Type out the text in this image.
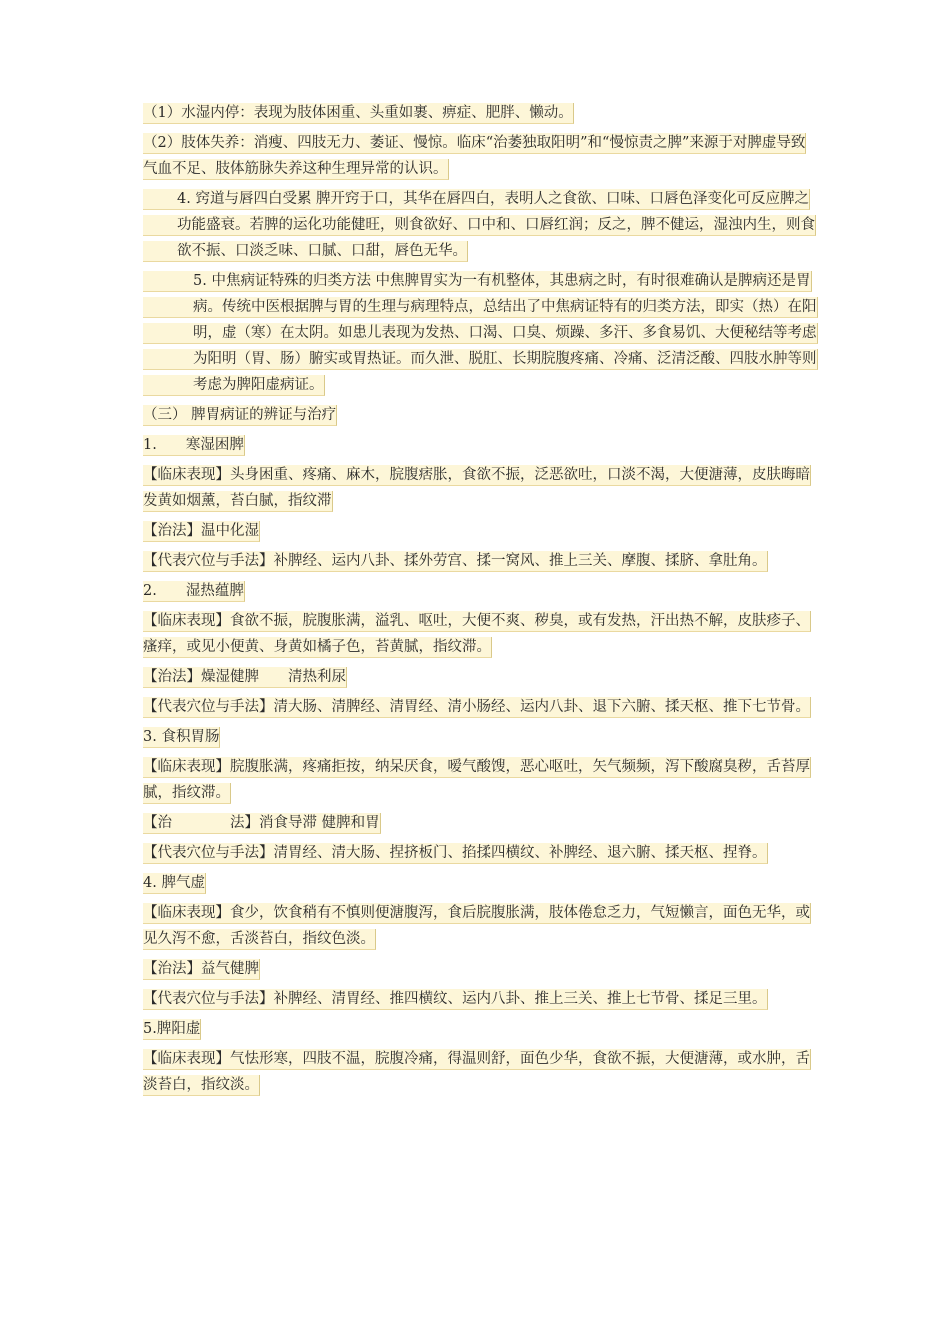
（1）水湿内停：表现为肢体困重、头重如裹、痹症、肥胖、懒动。

（2）肢体失养：消瘦、四肢无力、萎证、慢惊。临床“治萎独取阳明”和“慢惊责之脾”来源于对脾虚导致气血不足、肢体筋脉失养这种生理异常的认识。

4. 窍道与唇四白受累 脾开窍于口，其华在唇四白，表明人之食欲、口味、口唇色泽变化可反应脾之功能盛衰。若脾的运化功能健旺，则食欲好、口中和、口唇红润；反之，脾不健运，湿浊内生，则食欲不振、口淡乏味、口腻、口甜，唇色无华。

5. 中焦病证特殊的归类方法 中焦脾胃实为一有机整体，其患病之时，有时很难确认是脾病还是胃病。传统中医根据脾与胃的生理与病理特点，总结出了中焦病证特有的归类方法，即实（热）在阳明，虚（寒）在太阴。如患儿表现为发热、口渴、口臭、烦躁、多汗、多食易饥、大便秘结等考虑为阳明（胃、肠）腑实或胃热证。而久泄、脱肛、长期脘腹疼痛、冷痛、泛清泛酸、四肢水肿等则考虑为脾阳虚病证。

（三） 脾胃病证的辨证与治疗

1.　　寒湿困脾

【临床表现】头身困重、疼痛、麻木，脘腹痞胀，食欲不振，泛恶欲吐，口淡不渴，大便溏薄，皮肤晦暗发黄如烟薰，苔白腻，指纹滞

【治法】温中化湿

【代表穴位与手法】补脾经、运内八卦、揉外劳宫、揉一窝风、推上三关、摩腹、揉脐、拿肚角。

2.　　湿热蕴脾

【临床表现】食欲不振，脘腹胀满，溢乳、呕吐，大便不爽、秽臭，或有发热，汗出热不解，皮肤疹子、瘙痒，或见小便黄、身黄如橘子色，苔黄腻，指纹滞。

【治法】燥湿健脾　　清热利尿

【代表穴位与手法】清大肠、清脾经、清胃经、清小肠经、运内八卦、退下六腑、揉天枢、推下七节骨。

3. 食积胃肠

【临床表现】脘腹胀满，疼痛拒按，纳呆厌食，嗳气酸馊，恶心呕吐，矢气频频，泻下酸腐臭秽，舌苔厚腻，指纹滞。

【治　　　　法】消食导滞 健脾和胃

【代表穴位与手法】清胃经、清大肠、捏挤板门、掐揉四横纹、补脾经、退六腑、揉天枢、捏脊。

4. 脾气虚

【临床表现】食少，饮食稍有不慎则便溏腹泻，食后脘腹胀满，肢体倦怠乏力，气短懒言，面色无华，或见久泻不愈，舌淡苔白，指纹色淡。

【治法】益气健脾

【代表穴位与手法】补脾经、清胃经、推四横纹、运内八卦、推上三关、推上七节骨、揉足三里。

5.脾阳虚

【临床表现】气怯形寒，四肢不温，脘腹冷痛，得温则舒，面色少华，食欲不振，大便溏薄，或水肿，舌淡苔白，指纹淡。
